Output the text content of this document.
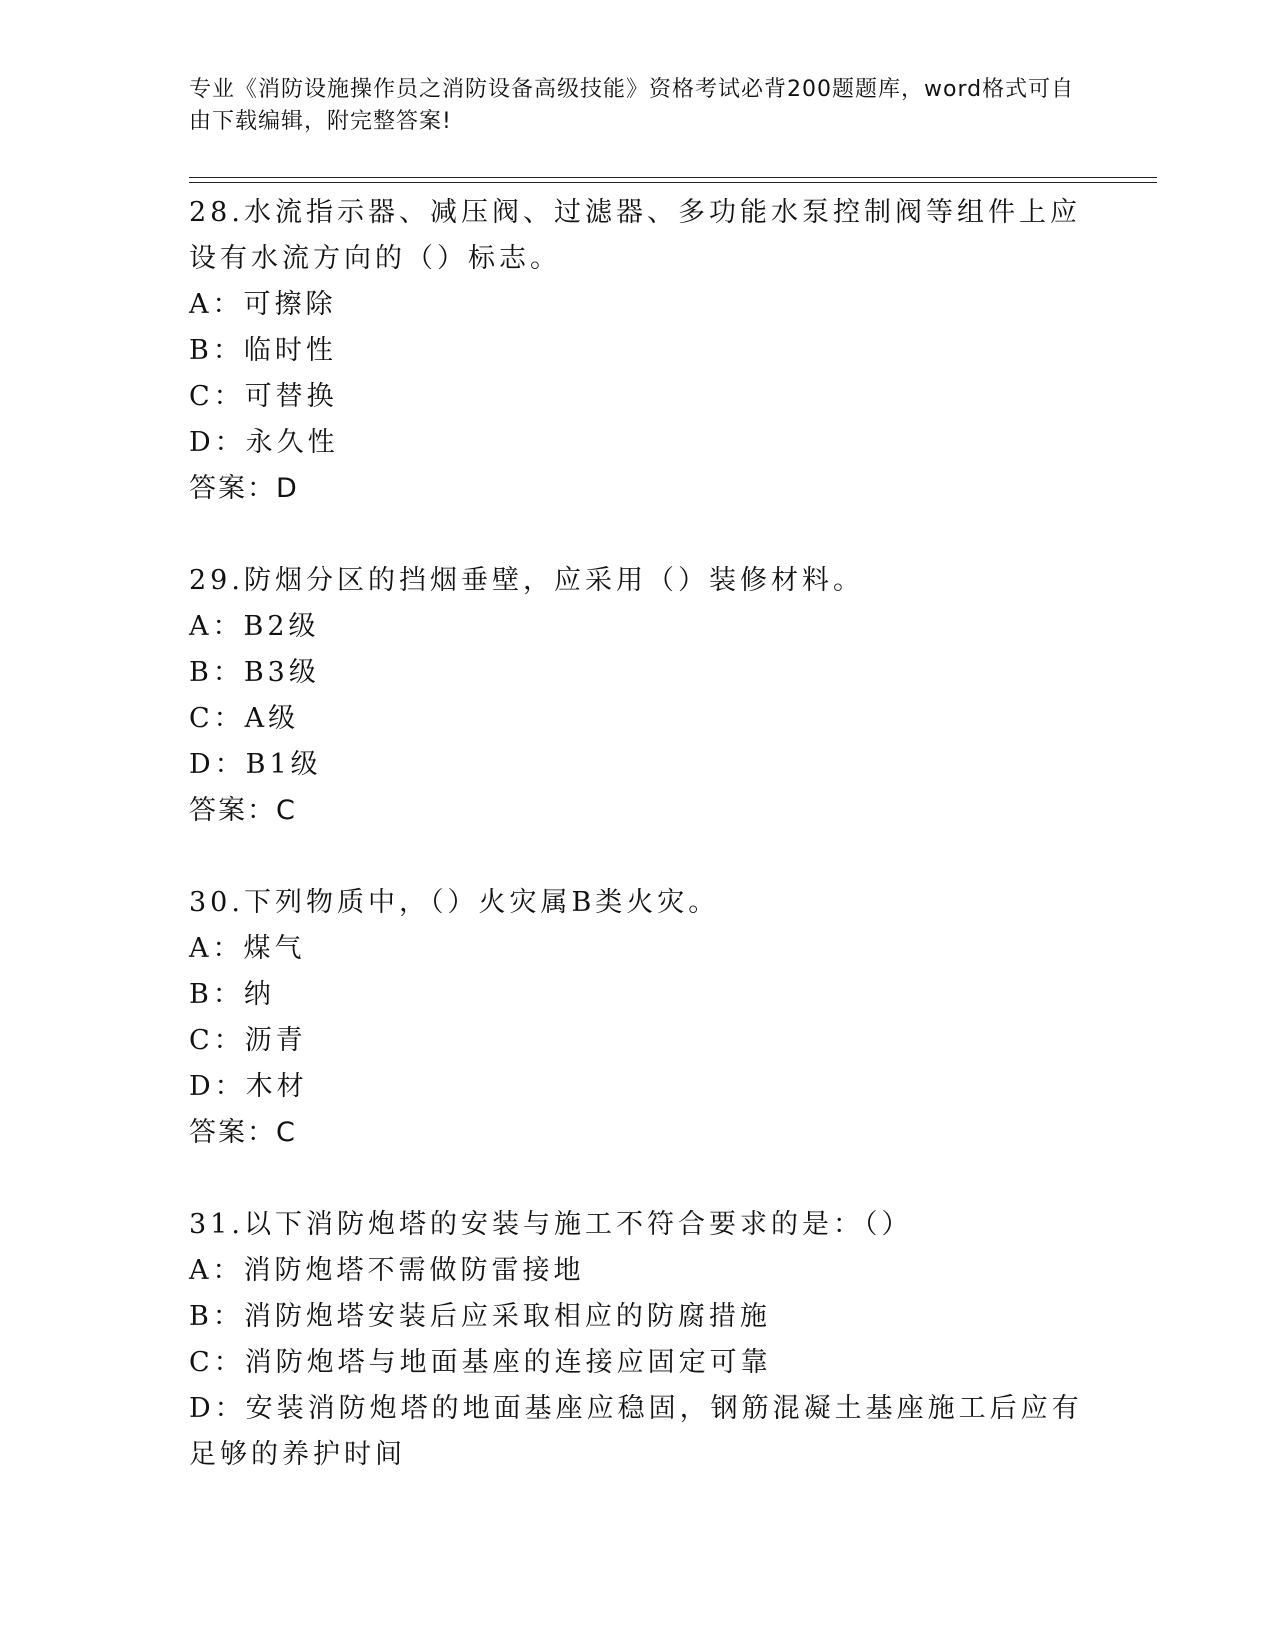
专业《消防设施操作员之消防设备高级技能》资格考试必背200题题库，word格式可自由下载编辑，附完整答案!
28.水流指示器、减压阀、过滤器、多功能水泵控制阀等组件上应设有水流方向的（）标志。
A：可擦除
B：临时性
C：可替换
D：永久性
答案：D
29.防烟分区的挡烟垂壁，应采用（）装修材料。
A：B2级
B：B3级
C：A级
D：B1级
答案：C
30.下列物质中，（）火灾属B类火灾。
A：煤气
B：纳
C：沥青
D：木材
答案：C
31.以下消防炮塔的安装与施工不符合要求的是：（）
A：消防炮塔不需做防雷接地
B：消防炮塔安装后应采取相应的防腐措施
C：消防炮塔与地面基座的连接应固定可靠
D：安装消防炮塔的地面基座应稳固，钢筋混凝土基座施工后应有足够的养护时间
